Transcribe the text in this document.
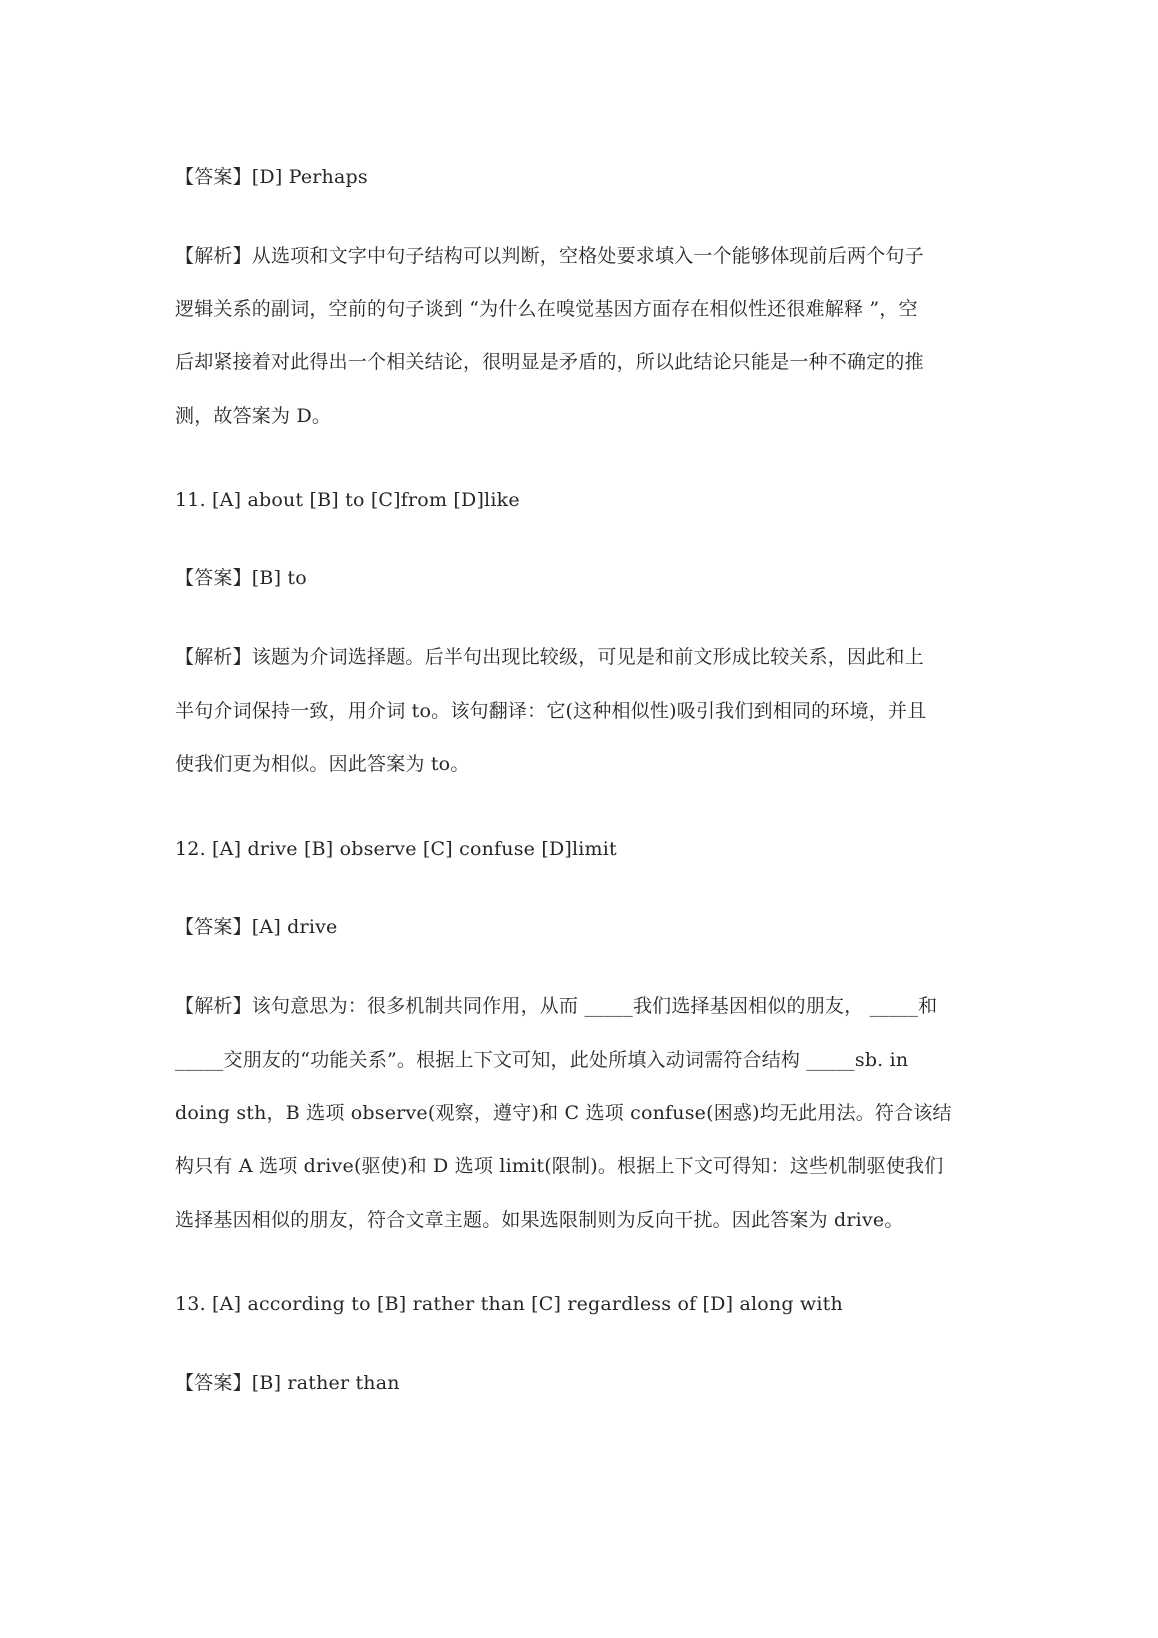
【答案】[D] Perhaps
【解析】从选项和文字中句子结构可以判断，空格处要求填入一个能够体现前后两个句子
逻辑关系的副词，空前的句子谈到 “为什么在嗅觉基因方面存在相似性还很难解释 ”，空
后却紧接着对此得出一个相关结论，很明显是矛盾的，所以此结论只能是一种不确定的推
测，故答案为 D。
11. [A] about [B] to [C]from [D]like
【答案】[B] to
【解析】该题为介词选择题。后半句出现比较级，可见是和前文形成比较关系，因此和上
半句介词保持一致，用介词 to。该句翻译：它(这种相似性)吸引我们到相同的环境，并且
使我们更为相似。因此答案为 to。
12. [A] drive [B] observe [C] confuse [D]limit
【答案】[A] drive
【解析】该句意思为：很多机制共同作用，从而 _____我们选择基因相似的朋友， _____和
_____交朋友的“功能关系”。根据上下文可知，此处所填入动词需符合结构 _____sb. in
doing sth，B 选项 observe(观察，遵守)和 C 选项 confuse(困惑)均无此用法。符合该结
构只有 A 选项 drive(驱使)和 D 选项 limit(限制)。根据上下文可得知：这些机制驱使我们
选择基因相似的朋友，符合文章主题。如果选限制则为反向干扰。因此答案为 drive。
13. [A] according to [B] rather than [C] regardless of [D] along with
【答案】[B] rather than
